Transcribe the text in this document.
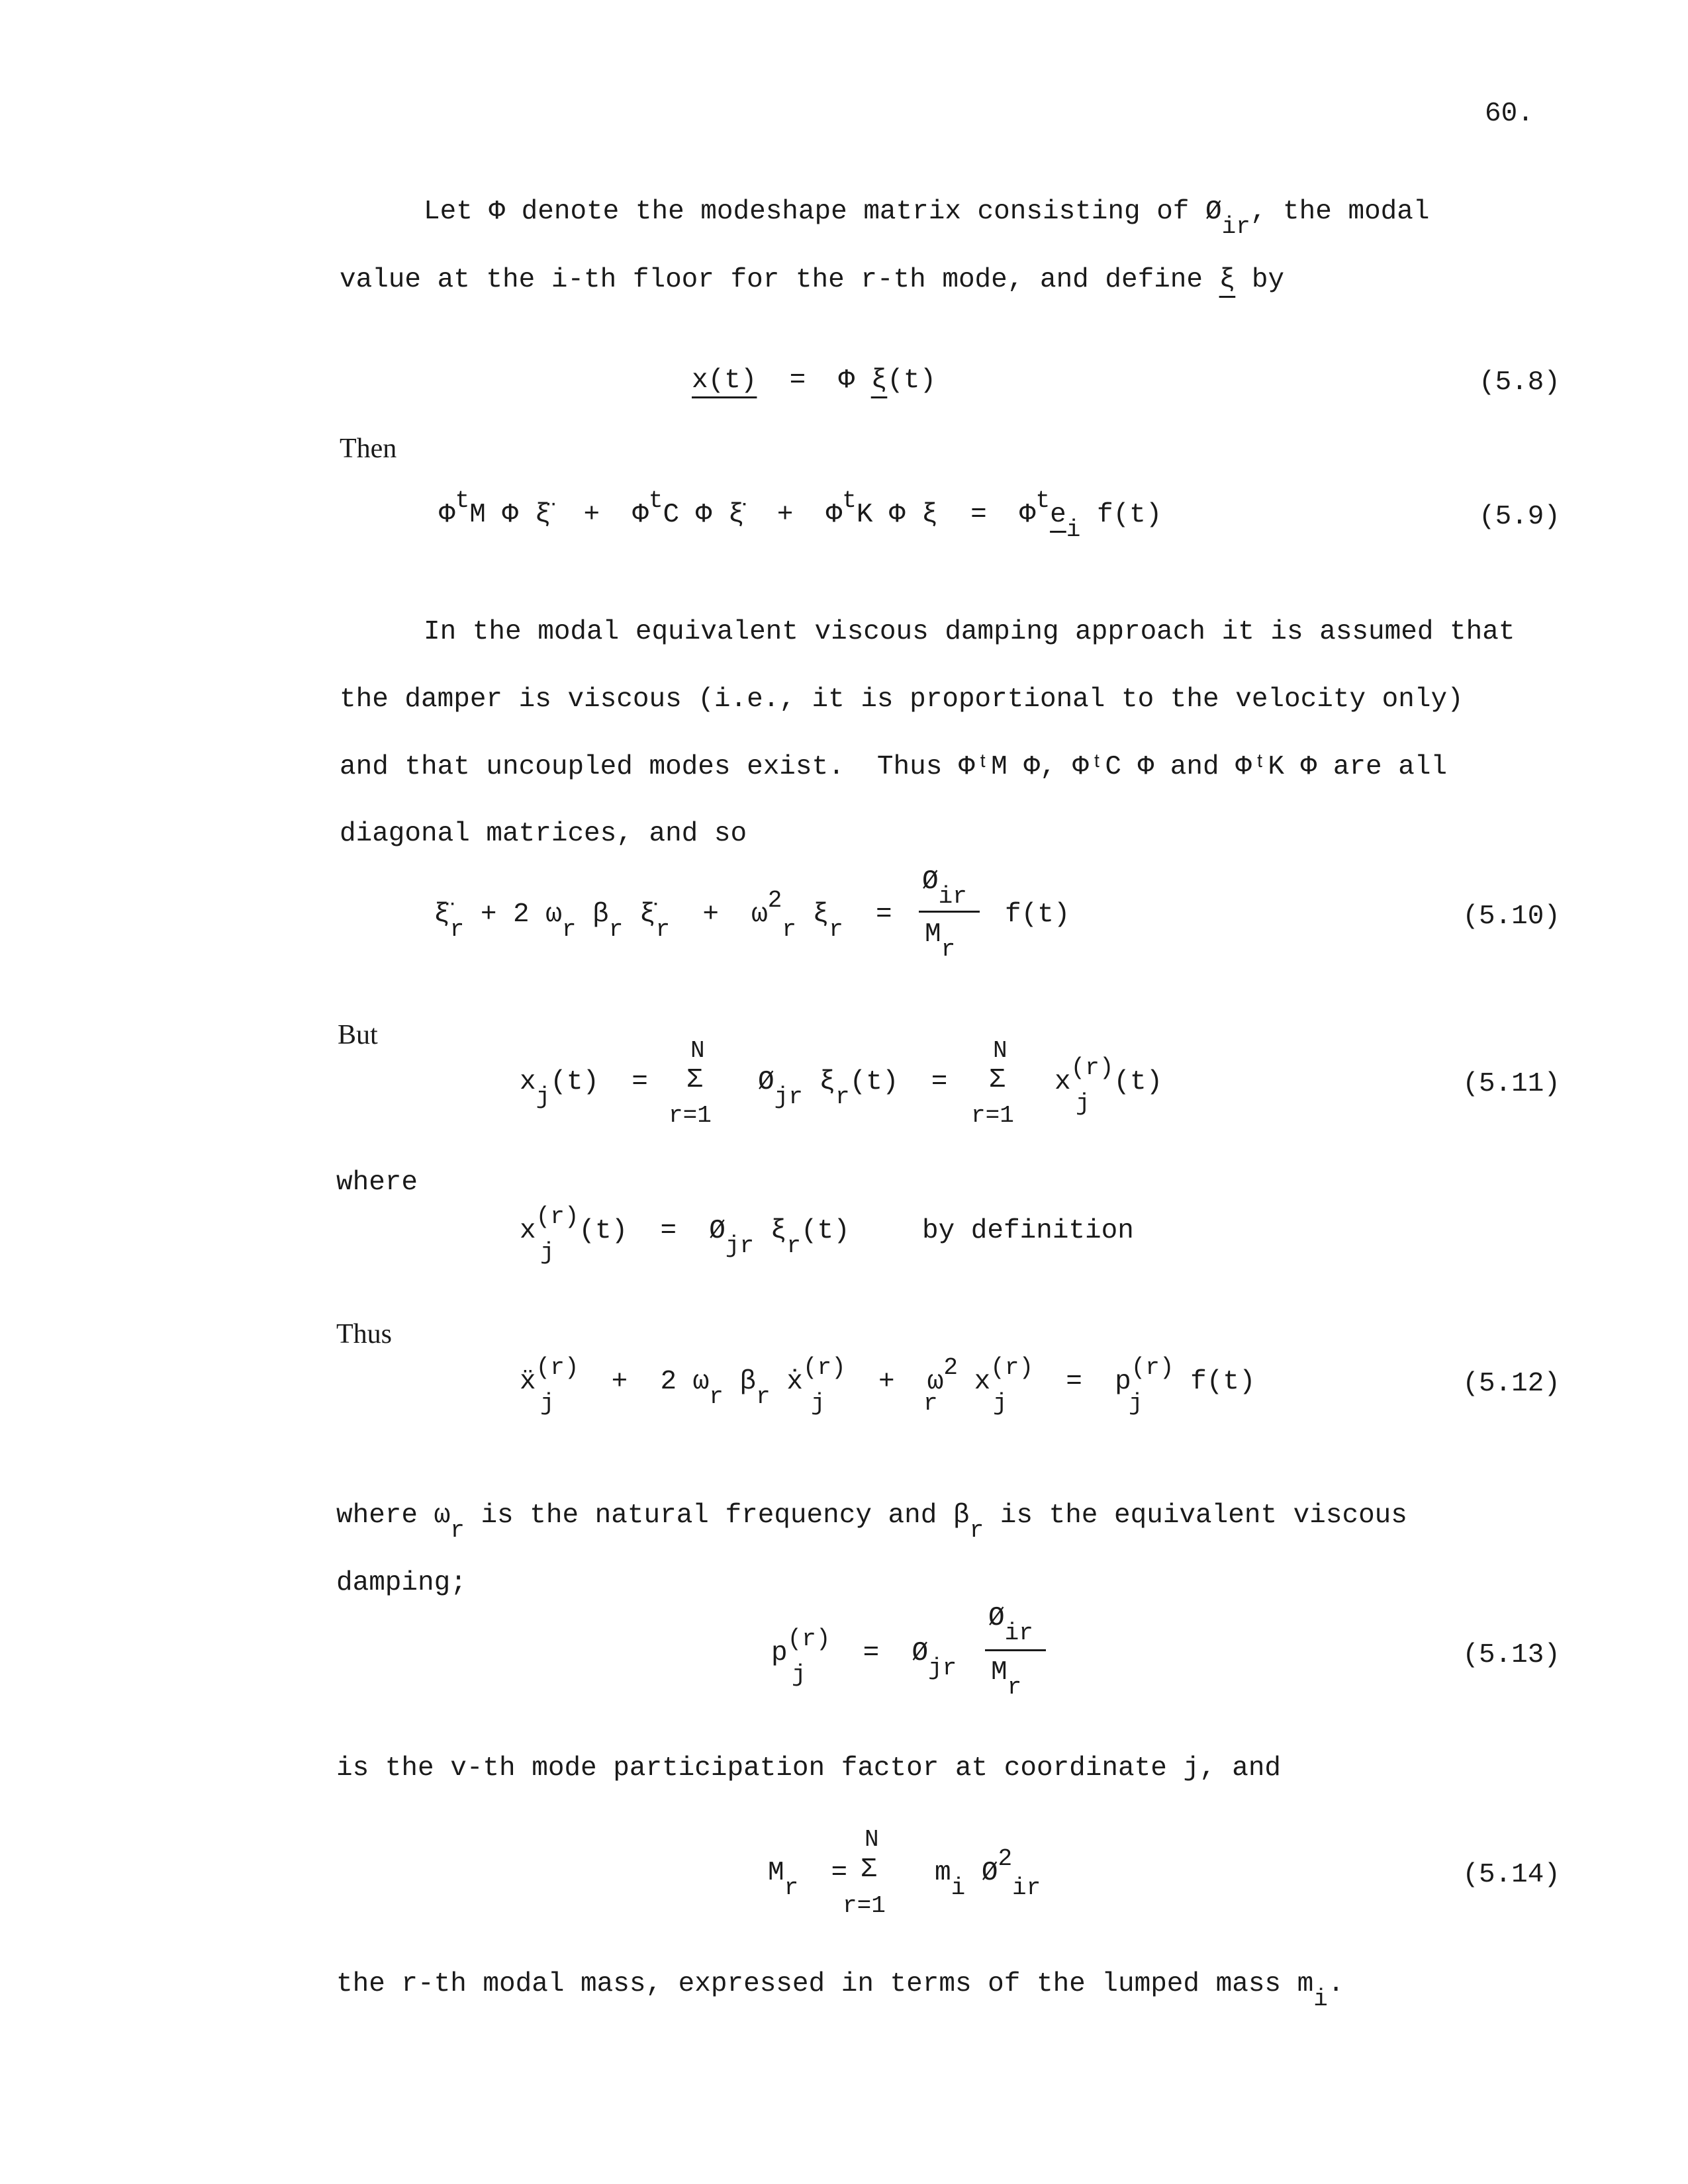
60.
Let Φ denote the modeshape matrix consisting of Øir, the modal
value at the i-th floor for the r-th mode, and define ξ by
x(t) = Φ ξ(t)	(5.8)
Then
ΦtM Φ ξ̈ + ΦtC Φ ξ̇ + ΦtK Φ ξ = Φtei f(t)	(5.9)
In the modal equivalent viscous damping approach it is assumed that
the damper is viscous (i.e., it is proportional to the velocity only)
and that uncoupled modes exist.  Thus ΦᵗM Φ, ΦᵗC Φ and ΦᵗK Φ are all
diagonal matrices, and so
ξ̈r + 2 ωr βr ξ̇r + ω2r ξr =
Øir
Mr
f(t)	(5.10)
But
xj(t) =
N
Σ
r=1
Øjr ξr(t) =
N
Σ
r=1
x(r)(t)
j
(5.11)
where
x(r)(t) = Øjr ξr(t)
j
by definition
Thus
ẍ(r) + 2 ωr βr ẋ(r) + ω2 x(r) = p(r) f(t)
j	j	r j	j
(5.12)
where ωr is the natural frequency and βr is the equivalent viscous
damping;
p(r) = Øjr
j
Øir
Mr
(5.13)
is the v-th mode participation factor at coordinate j, and
Mr =
N
Σ
r=1
mi Ø2ir	(5.14)
the r-th modal mass, expressed in terms of the lumped mass mi.
